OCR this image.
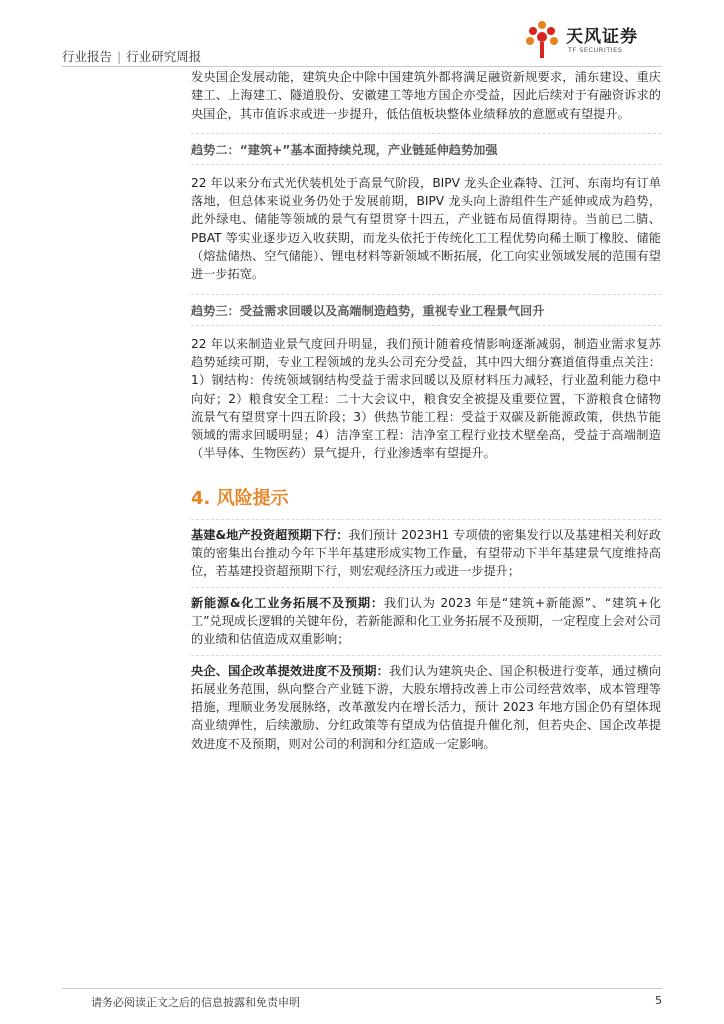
行业报告 | 行业研究周报
天风证券
TF SECURITIES

发央国企发展动能，建筑央企中除中国建筑外都将满足融资新规要求，浦东建设、重庆建工、上海建工、隧道股份、安徽建工等地方国企亦受益，因此后续对于有融资诉求的央国企，其市值诉求或进一步提升，低估值板块整体业绩释放的意愿或有望提升。

趋势二：“建筑+”基本面持续兑现，产业链延伸趋势加强

22 年以来分布式光伏装机处于高景气阶段，BIPV 龙头企业森特、江河、东南均有订单落地，但总体来说业务仍处于发展前期，BIPV 龙头向上游组件生产延伸或成为趋势，此外绿电、储能等领域的景气有望贯穿十四五，产业链布局值得期待。当前已二腈、PBAT 等实业逐步迈入收获期，而龙头依托于传统化工工程优势向稀土顺丁橡胶、储能（熔盐储热、空气储能）、锂电材料等新领域不断拓展，化工向实业领域发展的范围有望进一步拓宽。

趋势三：受益需求回暖以及高端制造趋势，重视专业工程景气回升

22 年以来制造业景气度回升明显，我们预计随着疫情影响逐渐减弱，制造业需求复苏趋势延续可期，专业工程领域的龙头公司充分受益，其中四大细分赛道值得重点关注：1）钢结构：传统领域钢结构受益于需求回暖以及原材料压力减轻，行业盈利能力稳中向好；2）粮食安全工程：二十大会议中，粮食安全被提及重要位置，下游粮食仓储物流景气有望贯穿十四五阶段；3）供热节能工程：受益于双碳及新能源政策，供热节能领域的需求回暖明显；4）洁净室工程：洁净室工程行业技术壁垒高，受益于高端制造（半导体、生物医药）景气提升，行业渗透率有望提升。

4. 风险提示

基建&地产投资超预期下行：我们预计 2023H1 专项债的密集发行以及基建相关利好政策的密集出台推动今年下半年基建形成实物工作量，有望带动下半年基建景气度维持高位，若基建投资超预期下行，则宏观经济压力或进一步提升；

新能源&化工业务拓展不及预期：我们认为 2023 年是“建筑+新能源”、“建筑+化工”兑现成长逻辑的关键年份，若新能源和化工业务拓展不及预期，一定程度上会对公司的业绩和估值造成双重影响；

央企、国企改革提效进度不及预期：我们认为建筑央企、国企积极进行变革，通过横向拓展业务范围，纵向整合产业链下游，大股东增持改善上市公司经营效率，成本管理等措施，理顺业务发展脉络，改革激发内在增长活力，预计 2023 年地方国企仍有望体现高业绩弹性，后续激励、分红政策等有望成为估值提升催化剂，但若央企、国企改革提效进度不及预期，则对公司的利润和分红造成一定影响。

请务必阅读正文之后的信息披露和免责申明	5
